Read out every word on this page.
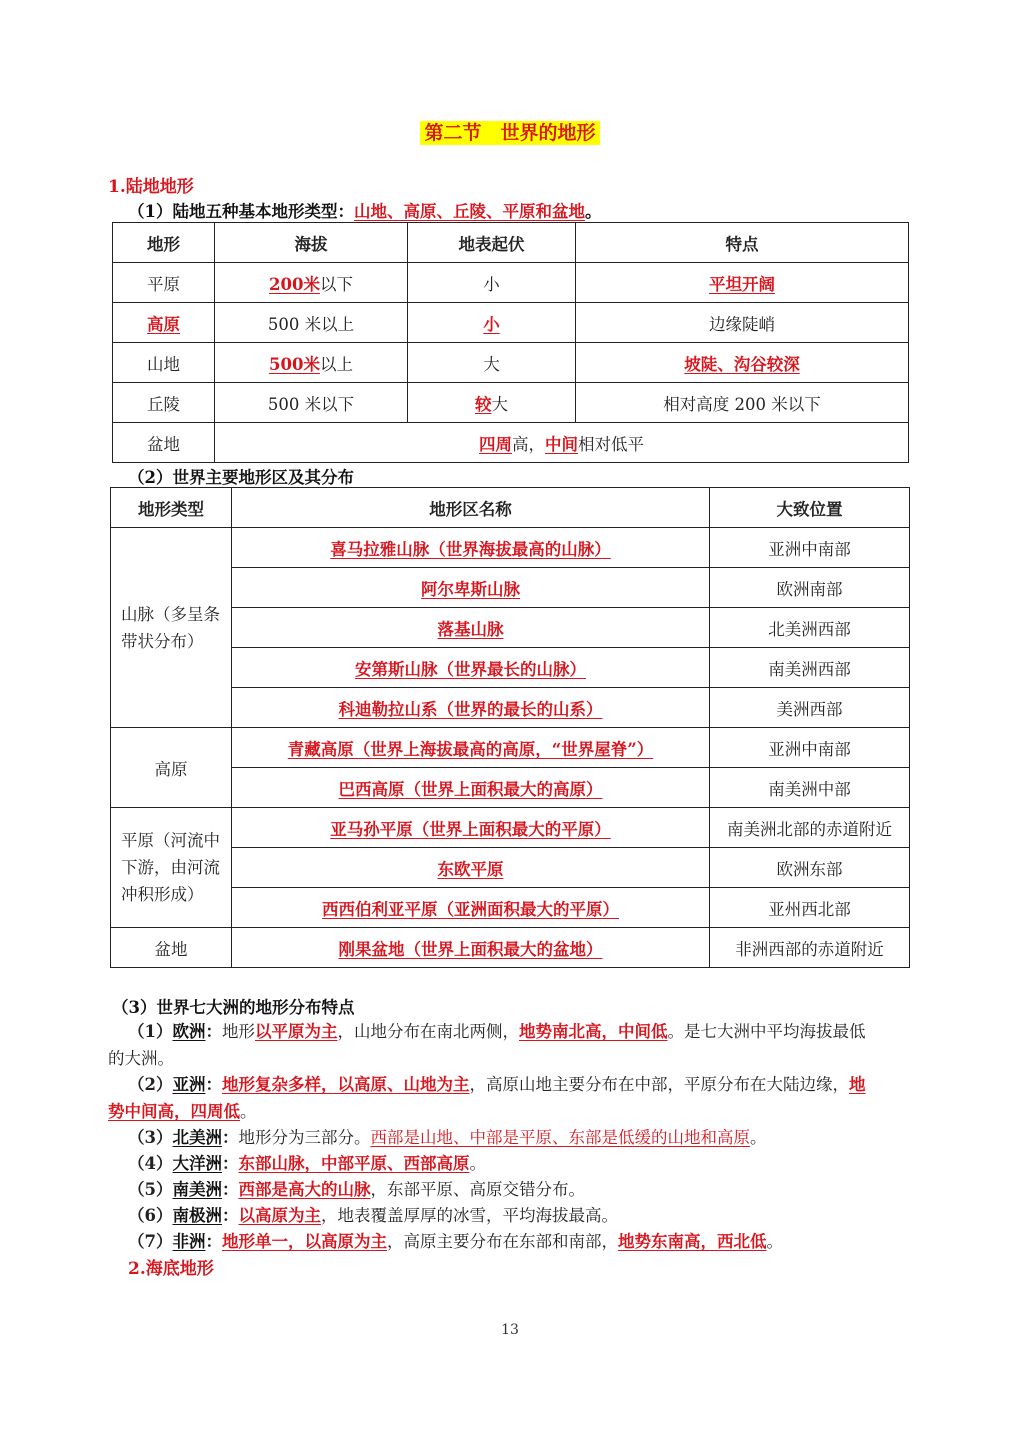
第二节　世界的地形
1.陆地地形
（1）陆地五种基本地形类型：山地、高原、丘陵、平原和盆地。
地形	海拔	地表起伏	特点
平原	200米以下	小	平坦开阔
高原	500 米以上	小	边缘陡峭
山地	500米以上	大	坡陡、沟谷较深
丘陵	500 米以下	较大	相对高度 200 米以下
盆地	四周高，中间相对低平		
（2）世界主要地形区及其分布
地形类型	地形区名称	大致位置
山脉（多呈条带状分布）	喜马拉雅山脉（世界海拔最高的山脉）	亚洲中南部
	阿尔卑斯山脉	欧洲南部
	落基山脉	北美洲西部
	安第斯山脉（世界最长的山脉）	南美洲西部
	科迪勒拉山系（世界的最长的山系）	美洲西部
高原	青藏高原（世界上海拔最高的高原，“世界屋脊”）	亚洲中南部
	巴西高原（世界上面积最大的高原）	南美洲中部
平原（河流中下游，由河流冲积形成）	亚马孙平原（世界上面积最大的平原）	南美洲北部的赤道附近
	东欧平原	欧洲东部
	西西伯利亚平原（亚洲面积最大的平原）	亚州西北部
盆地	刚果盆地（世界上面积最大的盆地）	非洲西部的赤道附近
（3）世界七大洲的地形分布特点
（1）欧洲：地形以平原为主，山地分布在南北两侧，地势南北高，中间低。是七大洲中平均海拔最低
的大洲。
（2）亚洲：地形复杂多样，以高原、山地为主，高原山地主要分布在中部，平原分布在大陆边缘，地
势中间高，四周低。
（3）北美洲：地形分为三部分。西部是山地、中部是平原、东部是低缓的山地和高原。
（4）大洋洲：东部山脉，中部平原、西部高原。
（5）南美洲：西部是高大的山脉，东部平原、高原交错分布。
（6）南极洲：以高原为主，地表覆盖厚厚的冰雪，平均海拔最高。
（7）非洲：地形单一，以高原为主，高原主要分布在东部和南部，地势东南高，西北低。
2.海底地形
13
